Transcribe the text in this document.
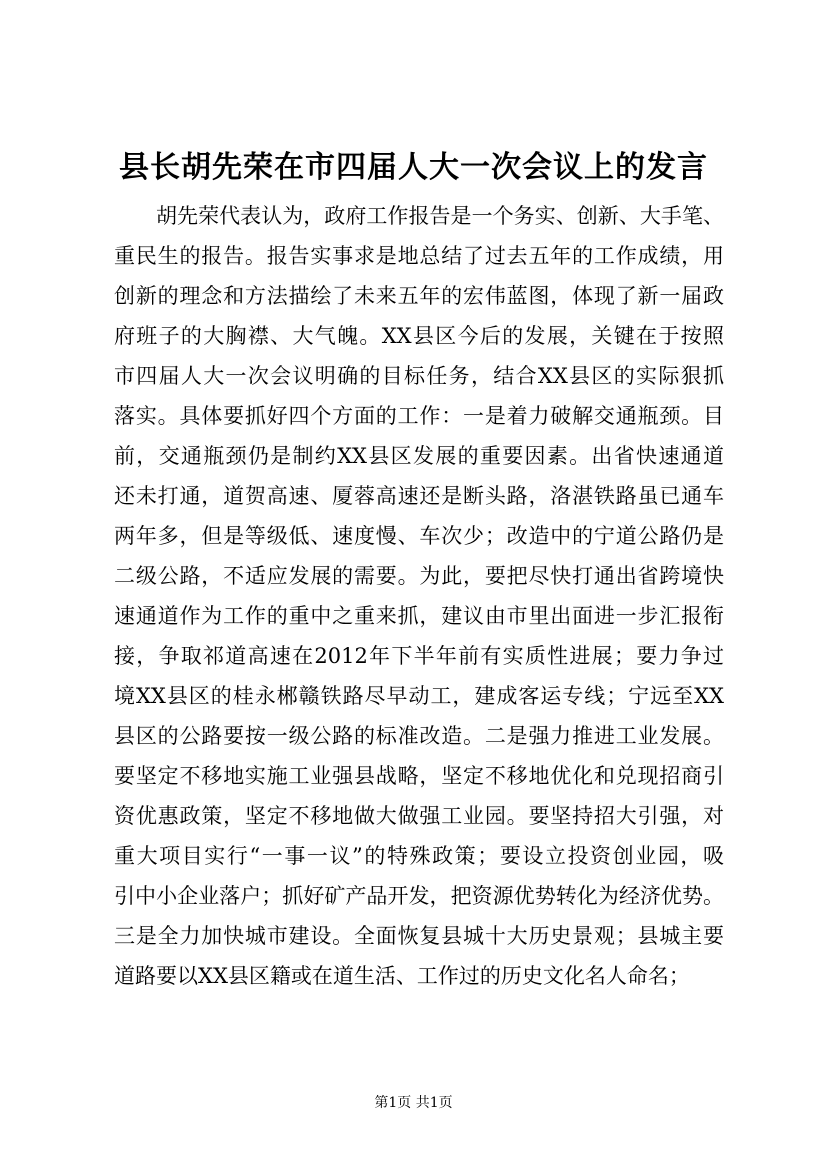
县长胡先荣在市四届人大一次会议上的发言
胡先荣代表认为，政府工作报告是一个务实、创新、大手笔、
重民生的报告。报告实事求是地总结了过去五年的工作成绩，用
创新的理念和方法描绘了未来五年的宏伟蓝图，体现了新一届政
府班子的大胸襟、大气魄。XX县区今后的发展，关键在于按照
市四届人大一次会议明确的目标任务，结合XX县区的实际狠抓
落实。具体要抓好四个方面的工作：一是着力破解交通瓶颈。目
前，交通瓶颈仍是制约XX县区发展的重要因素。出省快速通道
还未打通，道贺高速、厦蓉高速还是断头路，洛湛铁路虽已通车
两年多，但是等级低、速度慢、车次少；改造中的宁道公路仍是
二级公路，不适应发展的需要。为此，要把尽快打通出省跨境快
速通道作为工作的重中之重来抓，建议由市里出面进一步汇报衔
接，争取祁道高速在2012年下半年前有实质性进展；要力争过
境XX县区的桂永郴赣铁路尽早动工，建成客运专线；宁远至XX
县区的公路要按一级公路的标准改造。二是强力推进工业发展。
要坚定不移地实施工业强县战略，坚定不移地优化和兑现招商引
资优惠政策，坚定不移地做大做强工业园。要坚持招大引强，对
重大项目实行“一事一议”的特殊政策；要设立投资创业园，吸
引中小企业落户；抓好矿产品开发，把资源优势转化为经济优势。
三是全力加快城市建设。全面恢复县城十大历史景观；县城主要
道路要以XX县区籍或在道生活、工作过的历史文化名人命名；
第1页 共1页
